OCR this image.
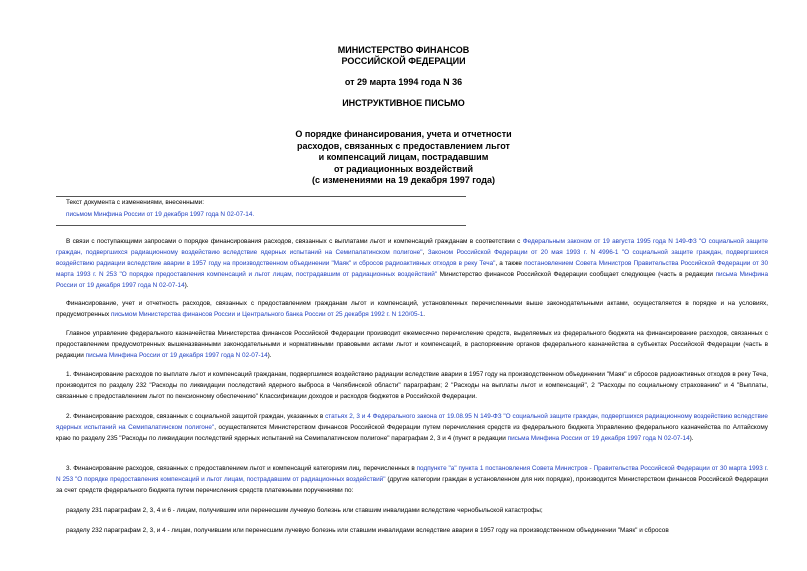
МИНИСТЕРСТВО ФИНАНСОВ
РОССИЙСКОЙ ФЕДЕРАЦИИ
от 29 марта 1994 года N 36
ИНСТРУКТИВНОЕ ПИСЬМО
О порядке финансирования, учета и отчетности
расходов, связанных с предоставлением льгот
и компенсаций лицам, пострадавшим
от радиационных воздействий
(с изменениями на 19 декабря 1997 года)
Текст документа с изменениями, внесенными:
письмом Минфина России от 19 декабря 1997 года N 02-07-14.
В связи с поступающими запросами о порядке финансирования расходов, связанных с выплатами льгот и компенсаций гражданам в соответствии с Федеральным законом от 19 августа 1995 года N 149-ФЗ "О социальной защите граждан, подвергшихся радиационному воздействию вследствие ядерных испытаний на Семипалатинском полигоне", Законом Российской Федерации от 20 мая 1993 г. N 4996-1 "О социальной защите граждан, подвергшихся воздействию радиации вследствие аварии в 1957 году на производственном объединении "Маяк" и сбросов радиоактивных отходов в реку Теча", а также постановлением Совета Министров Правительства Российской Федерации от 30 марта 1993 г. N 253 "О порядке предоставления компенсаций и льгот лицам, пострадавшим от радиационных воздействий" Министерство финансов Российской Федерации сообщает следующее (часть в редакции письма Минфина России от 19 декабря 1997 года N 02-07-14).
Финансирование, учет и отчетность расходов, связанных с предоставлением гражданам льгот и компенсаций, установленных перечисленными выше законодательными актами, осуществляется в порядке и на условиях, предусмотренных письмом Министерства финансов России и Центрального банка России от 25 декабря 1992 г. N 120/05-1.
Главное управление федерального казначейства Министерства финансов Российской Федерации производит ежемесячно перечисление средств, выделяемых из федерального бюджета на финансирование расходов, связанных с предоставлением предусмотренных вышеназванными законодательными и нормативными правовыми актами льгот и компенсаций, в распоряжение органов федерального казначейства в субъектах Российской Федерации (часть в редакции письма Минфина России от 19 декабря 1997 года N 02-07-14).
1. Финансирование расходов по выплате льгот и компенсаций гражданам, подвергшимся воздействию радиации вследствие аварии в 1957 году на производственном объединении "Маяк" и сбросов радиоактивных отходов в реку Теча, производится по разделу 232 "Расходы по ликвидации последствий ядерного выброса в Челябинской области" параграфам; 2 "Расходы на выплаты льгот и компенсаций", 2 "Расходы по социальному страхованию" и 4 "Выплаты, связанные с предоставлением льгот по пенсионному обеспечению" Классификации доходов и расходов бюджетов в Российской Федерации.
2. Финансирование расходов, связанных с социальной защитой граждан, указанных в статьях 2, 3 и 4 Федерального закона от 19.08.95 N 149-ФЗ "О социальной защите граждан, подвергшихся радиационному воздействию вследствие ядерных испытаний на Семипалатинском полигоне", осуществляется Министерством финансов Российской Федерации путем перечисления средств из федерального бюджета Управлению федерального казначейства по Алтайскому краю по разделу 235 "Расходы по ликвидации последствий ядерных испытаний на Семипалатинском полигоне" параграфам 2, 3 и 4 (пункт в редакции письма Минфина России от 19 декабря 1997 года N 02-07-14).
3. Финансирование расходов, связанных с предоставлением льгот и компенсаций категориям лиц, перечисленных в подпункте "а" пункта 1 постановления Совета Министров - Правительства Российской Федерации от 30 марта 1993 г. N 253 "О порядке предоставления компенсаций и льгот лицам, пострадавшим от радиационных воздействий" (другие категории граждан в установленном для них порядке), производится Министерством финансов Российской Федерации за счет средств федерального бюджета путем перечисления средств платежными поручениями по:
разделу 231 параграфам 2, 3, 4 и 6 - лицам, получившим или перенесшим лучевую болезнь или ставшим инвалидами вследствие чернобыльской катастрофы;
разделу 232 параграфам 2, 3, и 4 - лицам, получившим или перенесшим лучевую болезнь или ставшим инвалидами вследствие аварии в 1957 году на производственном объединении "Маяк" и сбросов
